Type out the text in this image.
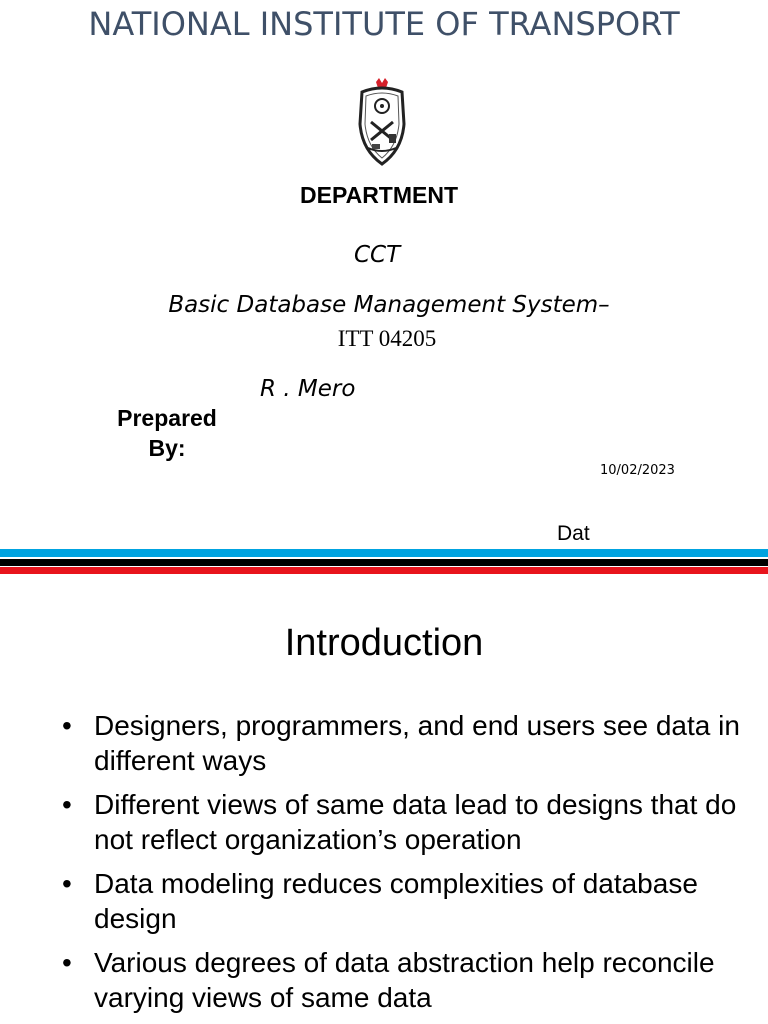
NATIONAL INSTITUTE OF TRANSPORT
DEPARTMENT
CCT
Basic Database Management System–
ITT 04205
R . Mero
Prepared By:
10/02/2023
Dat
Introduction
• Designers, programmers, and end users see data in different ways
• Different views of same data lead to designs that do not reflect organization’s operation
• Data modeling reduces complexities of database design
• Various degrees of data abstraction help reconcile varying views of same data
